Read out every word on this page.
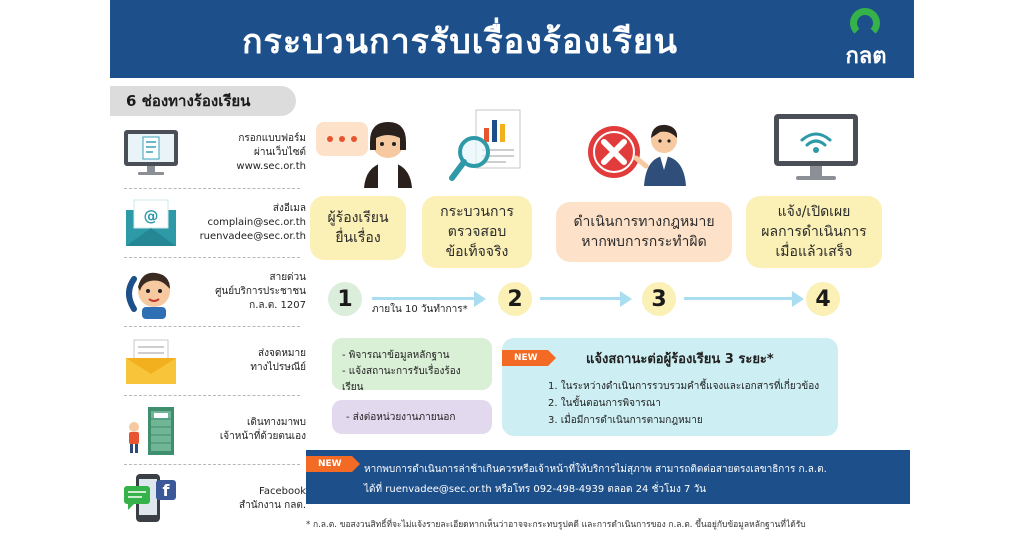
กระบวนการรับเรื่องร้องเรียน	กลต
6 ช่องทางร้องเรียน
กรอกแบบฟอร์ม
ผ่านเว็บไซต์
www.sec.or.th
@	ส่งอีเมล
complain@sec.or.th
ruenvadee@sec.or.th
สายด่วน
ศูนย์บริการประชาชน
ก.ล.ต. 1207
ส่งจดหมาย
ทางไปรษณีย์
เดินทางมาพบ
เจ้าหน้าที่ด้วยตนเอง
f	Facebook
สำนักงาน กลต.
ผู้ร้องเรียน
ยื่นเรื่อง
กระบวนการ
ตรวจสอบ
ข้อเท็จจริง
ดำเนินการทางกฎหมาย
หากพบการกระทำผิด
แจ้ง/เปิดเผย
ผลการดำเนินการ
เมื่อแล้วเสร็จ
1	ภายใน 10 วันทำการ*	2	3	4
- พิจารณาข้อมูลหลักฐาน
- แจ้งสถานะการรับเรื่องร้องเรียน
- ส่งต่อหน่วยงานภายนอก
NEW	แจ้งสถานะต่อผู้ร้องเรียน 3 ระยะ*
1. ในระหว่างดำเนินการรวบรวมคำชี้แจงและเอกสารที่เกี่ยวข้อง
2. ในขั้นตอนการพิจารณา
3. เมื่อมีการดำเนินการตามกฎหมาย
NEW	หากพบการดำเนินการล่าช้าเกินควรหรือเจ้าหน้าที่ให้บริการไม่สุภาพ สามารถติดต่อสายตรงเลขาธิการ ก.ล.ต.
ได้ที่ ruenvadee@sec.or.th หรือโทร 092-498-4939 ตลอด 24 ชั่วโมง 7 วัน
* ก.ล.ต. ขอสงวนสิทธิ์ที่จะไม่แจ้งรายละเอียดหากเห็นว่าอาจจะกระทบรูปคดี และการดำเนินการของ ก.ล.ต. ขึ้นอยู่กับข้อมูลหลักฐานที่ได้รับ
